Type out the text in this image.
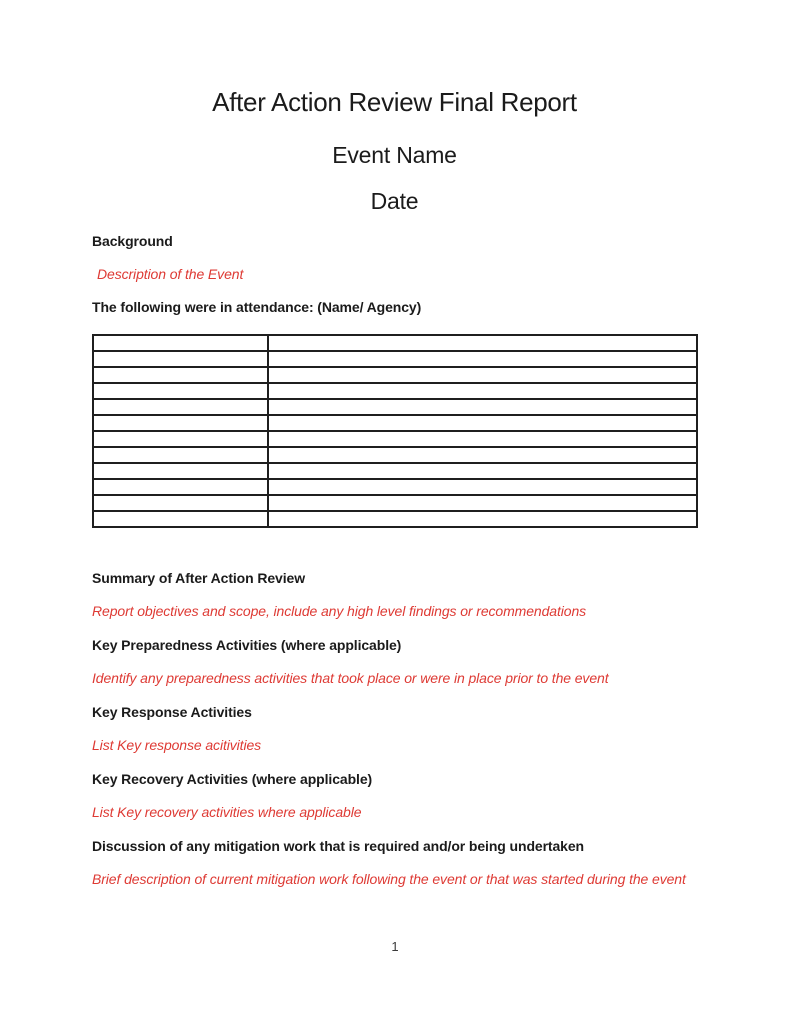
After Action Review Final Report
Event Name
Date
Background
Description of the Event
The following were in attendance: (Name/ Agency)

Summary of After Action Review
Report objectives and scope, include any high level findings or recommendations
Key Preparedness Activities (where applicable)
Identify any preparedness activities that took place or were in place prior to the event
Key Response Activities
List Key response acitivities
Key Recovery Activities (where applicable)
List Key recovery activities where applicable
Discussion of any mitigation work that is required and/or being undertaken
Brief description of current mitigation work following the event or that was started during the event
1
